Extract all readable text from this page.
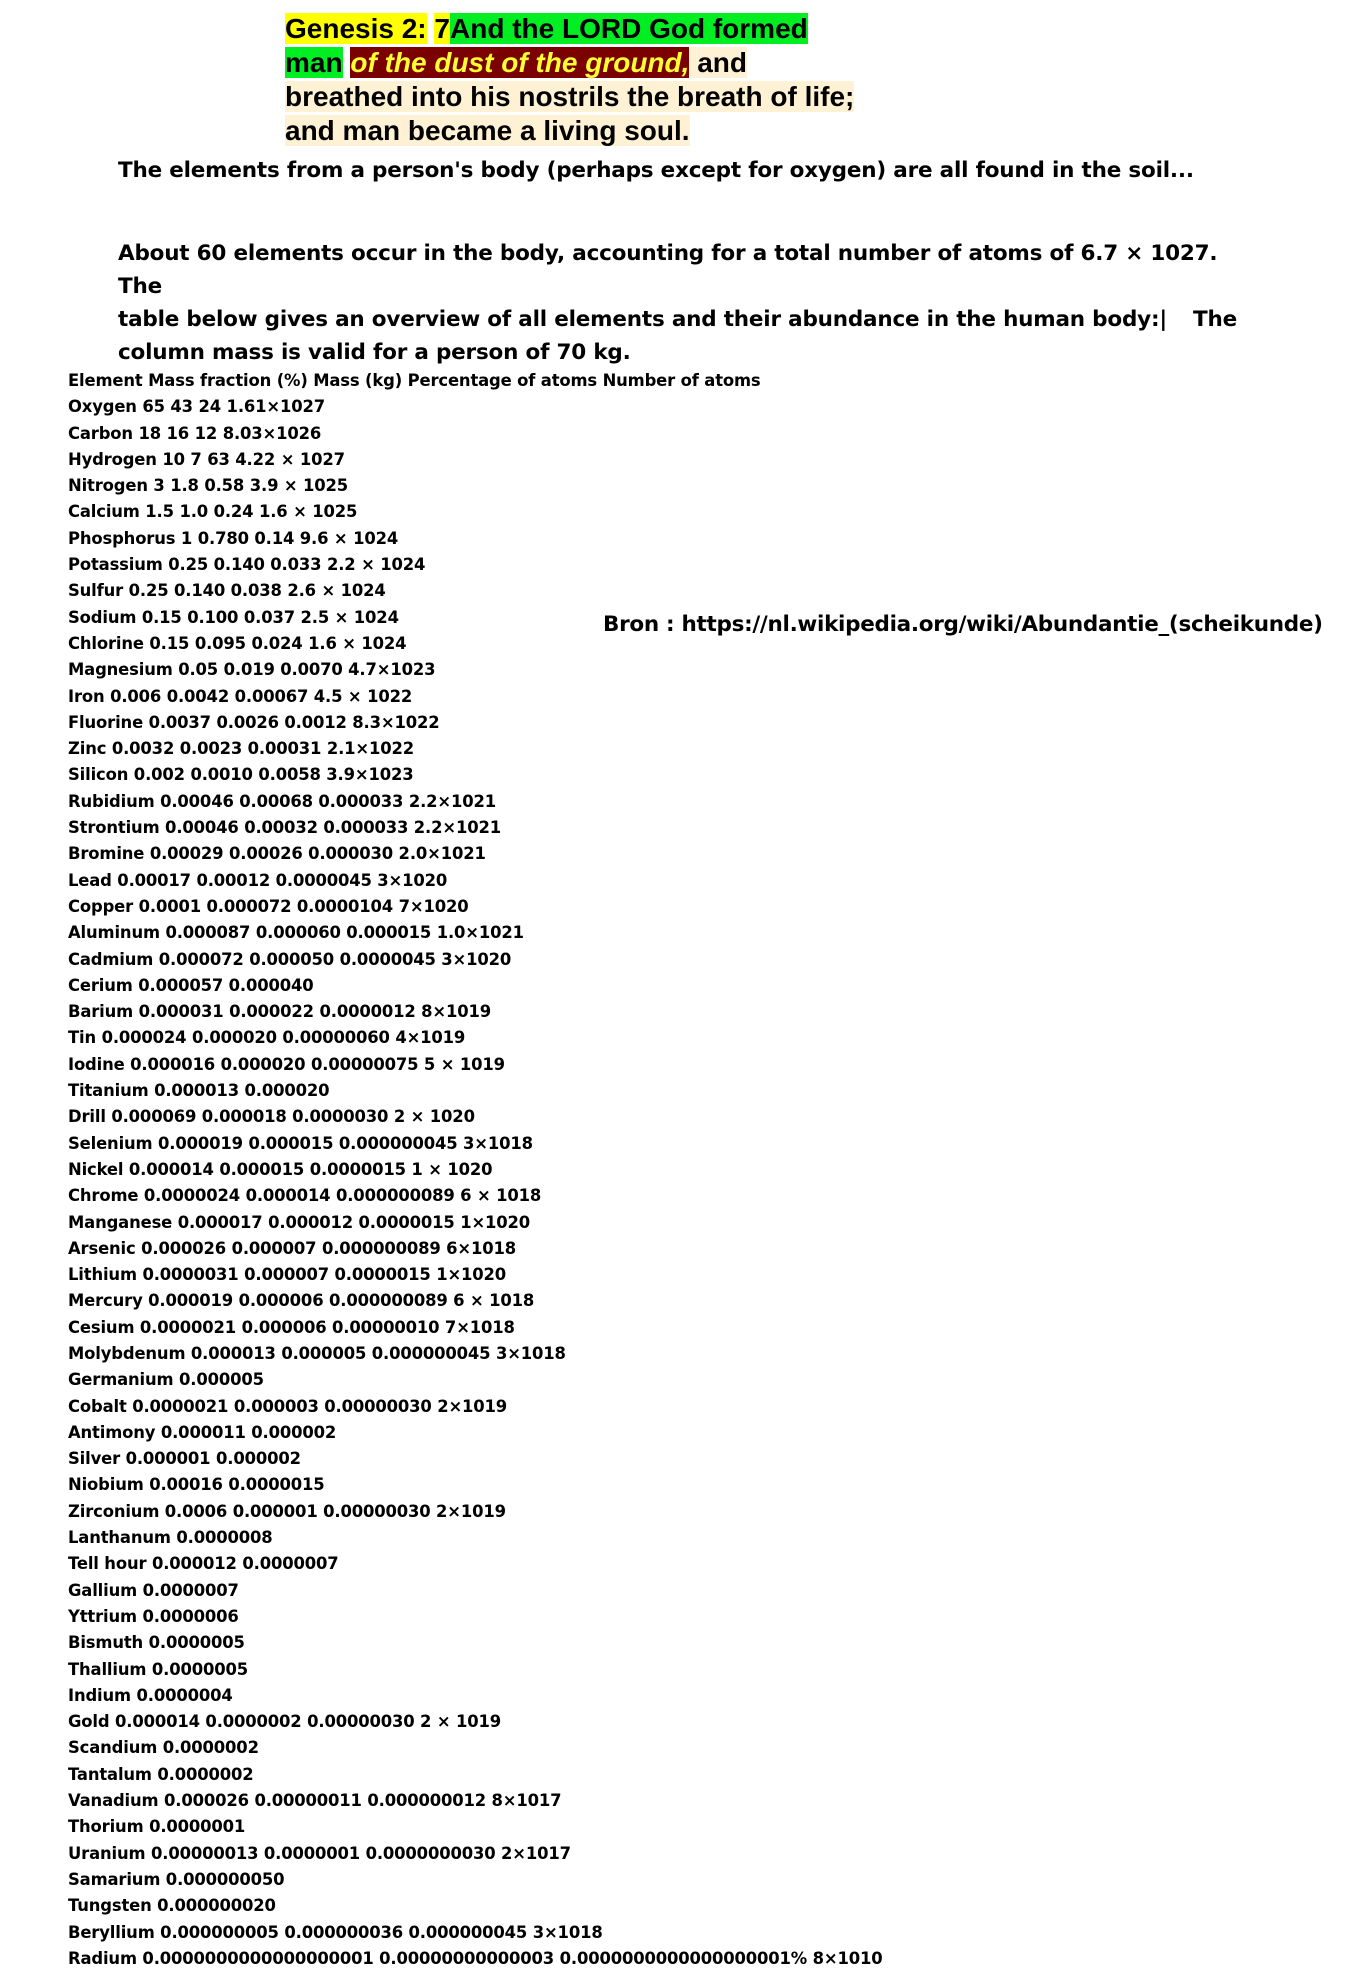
Genesis 2: 7And the LORD God formed
man of the dust of the ground, and
breathed into his nostrils the breath of life;
and man became a living soul.
The elements from a person's body (perhaps except for oxygen) are all found in the soil...
About 60 elements occur in the body, accounting for a total number of atoms of 6.7 × 1027. The
table below gives an overview of all elements and their abundance in the human body:| The
column mass is valid for a person of 70 kg.
Bron : https://nl.wikipedia.org/wiki/Abundantie_(scheikunde)
Element Mass fraction (%) Mass (kg) Percentage of atoms Number of atoms
Oxygen 65 43 24 1.61×1027
Carbon 18 16 12 8.03×1026
Hydrogen 10 7 63 4.22 × 1027
Nitrogen 3 1.8 0.58 3.9 × 1025
Calcium 1.5 1.0 0.24 1.6 × 1025
Phosphorus 1 0.780 0.14 9.6 × 1024
Potassium 0.25 0.140 0.033 2.2 × 1024
Sulfur 0.25 0.140 0.038 2.6 × 1024
Sodium 0.15 0.100 0.037 2.5 × 1024
Chlorine 0.15 0.095 0.024 1.6 × 1024
Magnesium 0.05 0.019 0.0070 4.7×1023
Iron 0.006 0.0042 0.00067 4.5 × 1022
Fluorine 0.0037 0.0026 0.0012 8.3×1022
Zinc 0.0032 0.0023 0.00031 2.1×1022
Silicon 0.002 0.0010 0.0058 3.9×1023
Rubidium 0.00046 0.00068 0.000033 2.2×1021
Strontium 0.00046 0.00032 0.000033 2.2×1021
Bromine 0.00029 0.00026 0.000030 2.0×1021
Lead 0.00017 0.00012 0.0000045 3×1020
Copper 0.0001 0.000072 0.0000104 7×1020
Aluminum 0.000087 0.000060 0.000015 1.0×1021
Cadmium 0.000072 0.000050 0.0000045 3×1020
Cerium 0.000057 0.000040
Barium 0.000031 0.000022 0.0000012 8×1019
Tin 0.000024 0.000020 0.00000060 4×1019
Iodine 0.000016 0.000020 0.00000075 5 × 1019
Titanium 0.000013 0.000020
Drill 0.000069 0.000018 0.0000030 2 × 1020
Selenium 0.000019 0.000015 0.000000045 3×1018
Nickel 0.000014 0.000015 0.0000015 1 × 1020
Chrome 0.0000024 0.000014 0.000000089 6 × 1018
Manganese 0.000017 0.000012 0.0000015 1×1020
Arsenic 0.000026 0.000007 0.000000089 6×1018
Lithium 0.0000031 0.000007 0.0000015 1×1020
Mercury 0.000019 0.000006 0.000000089 6 × 1018
Cesium 0.0000021 0.000006 0.00000010 7×1018
Molybdenum 0.000013 0.000005 0.000000045 3×1018
Germanium 0.000005
Cobalt 0.0000021 0.000003 0.00000030 2×1019
Antimony 0.000011 0.000002
Silver 0.000001 0.000002
Niobium 0.00016 0.0000015
Zirconium 0.0006 0.000001 0.00000030 2×1019
Lanthanum 0.0000008
Tell hour 0.000012 0.0000007
Gallium 0.0000007
Yttrium 0.0000006
Bismuth 0.0000005
Thallium 0.0000005
Indium 0.0000004
Gold 0.000014 0.0000002 0.00000030 2 × 1019
Scandium 0.0000002
Tantalum 0.0000002
Vanadium 0.000026 0.00000011 0.000000012 8×1017
Thorium 0.0000001
Uranium 0.00000013 0.0000001 0.0000000030 2×1017
Samarium 0.000000050
Tungsten 0.000000020
Beryllium 0.000000005 0.000000036 0.000000045 3×1018
Radium 0.0000000000000000001 0.00000000000003 0.0000000000000000001% 8×1010
